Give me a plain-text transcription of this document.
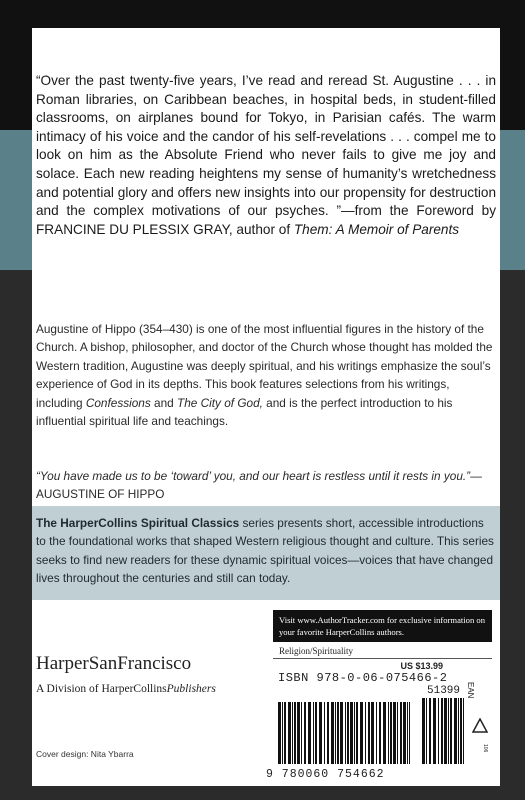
“Over the past twenty-five years, I’ve read and reread St. Augustine . . . in Roman libraries, on Caribbean beaches, in hospital beds, in student-filled classrooms, on airplanes bound for Tokyo, in Parisian cafés. The warm intimacy of his voice and the candor of his self-revelations . . . compel me to look on him as the Absolute Friend who never fails to give me joy and solace. Each new reading heightens my sense of humanity’s wretchedness and potential glory and offers new insights into our propensity for destruction and the complex motivations of our psyches. ”—from the Foreword by FRANCINE DU PLESSIX GRAY, author of Them: A Memoir of Parents
Augustine of Hippo (354–430) is one of the most influential figures in the history of the Church. A bishop, philosopher, and doctor of the Church whose thought has molded the Western tradition, Augustine was deeply spiritual, and his writings emphasize the soul’s experience of God in its depths. This book features selections from his writings, including Confessions and The City of God, and is the perfect introduction to his influential spiritual life and teachings.
“You have made us to be ‘toward’ you, and our heart is restless until it rests in you.”—AUGUSTINE OF HIPPO
The HarperCollins Spiritual Classics series presents short, accessible introductions to the foundational works that shaped Western religious thought and culture. This series seeks to find new readers for these dynamic spiritual voices—voices that have changed lives throughout the centuries and still can today.
HarperSanFrancisco
A Division of HarperCollinsPublishers
Cover design: Nita Ybarra
Visit www.AuthorTracker.com for exclusive information on your favorite HarperCollins authors.
Religion/Spirituality
US $13.99
ISBN 978-0-06-075466-2
51399 EAN
9 780060 754662
106
